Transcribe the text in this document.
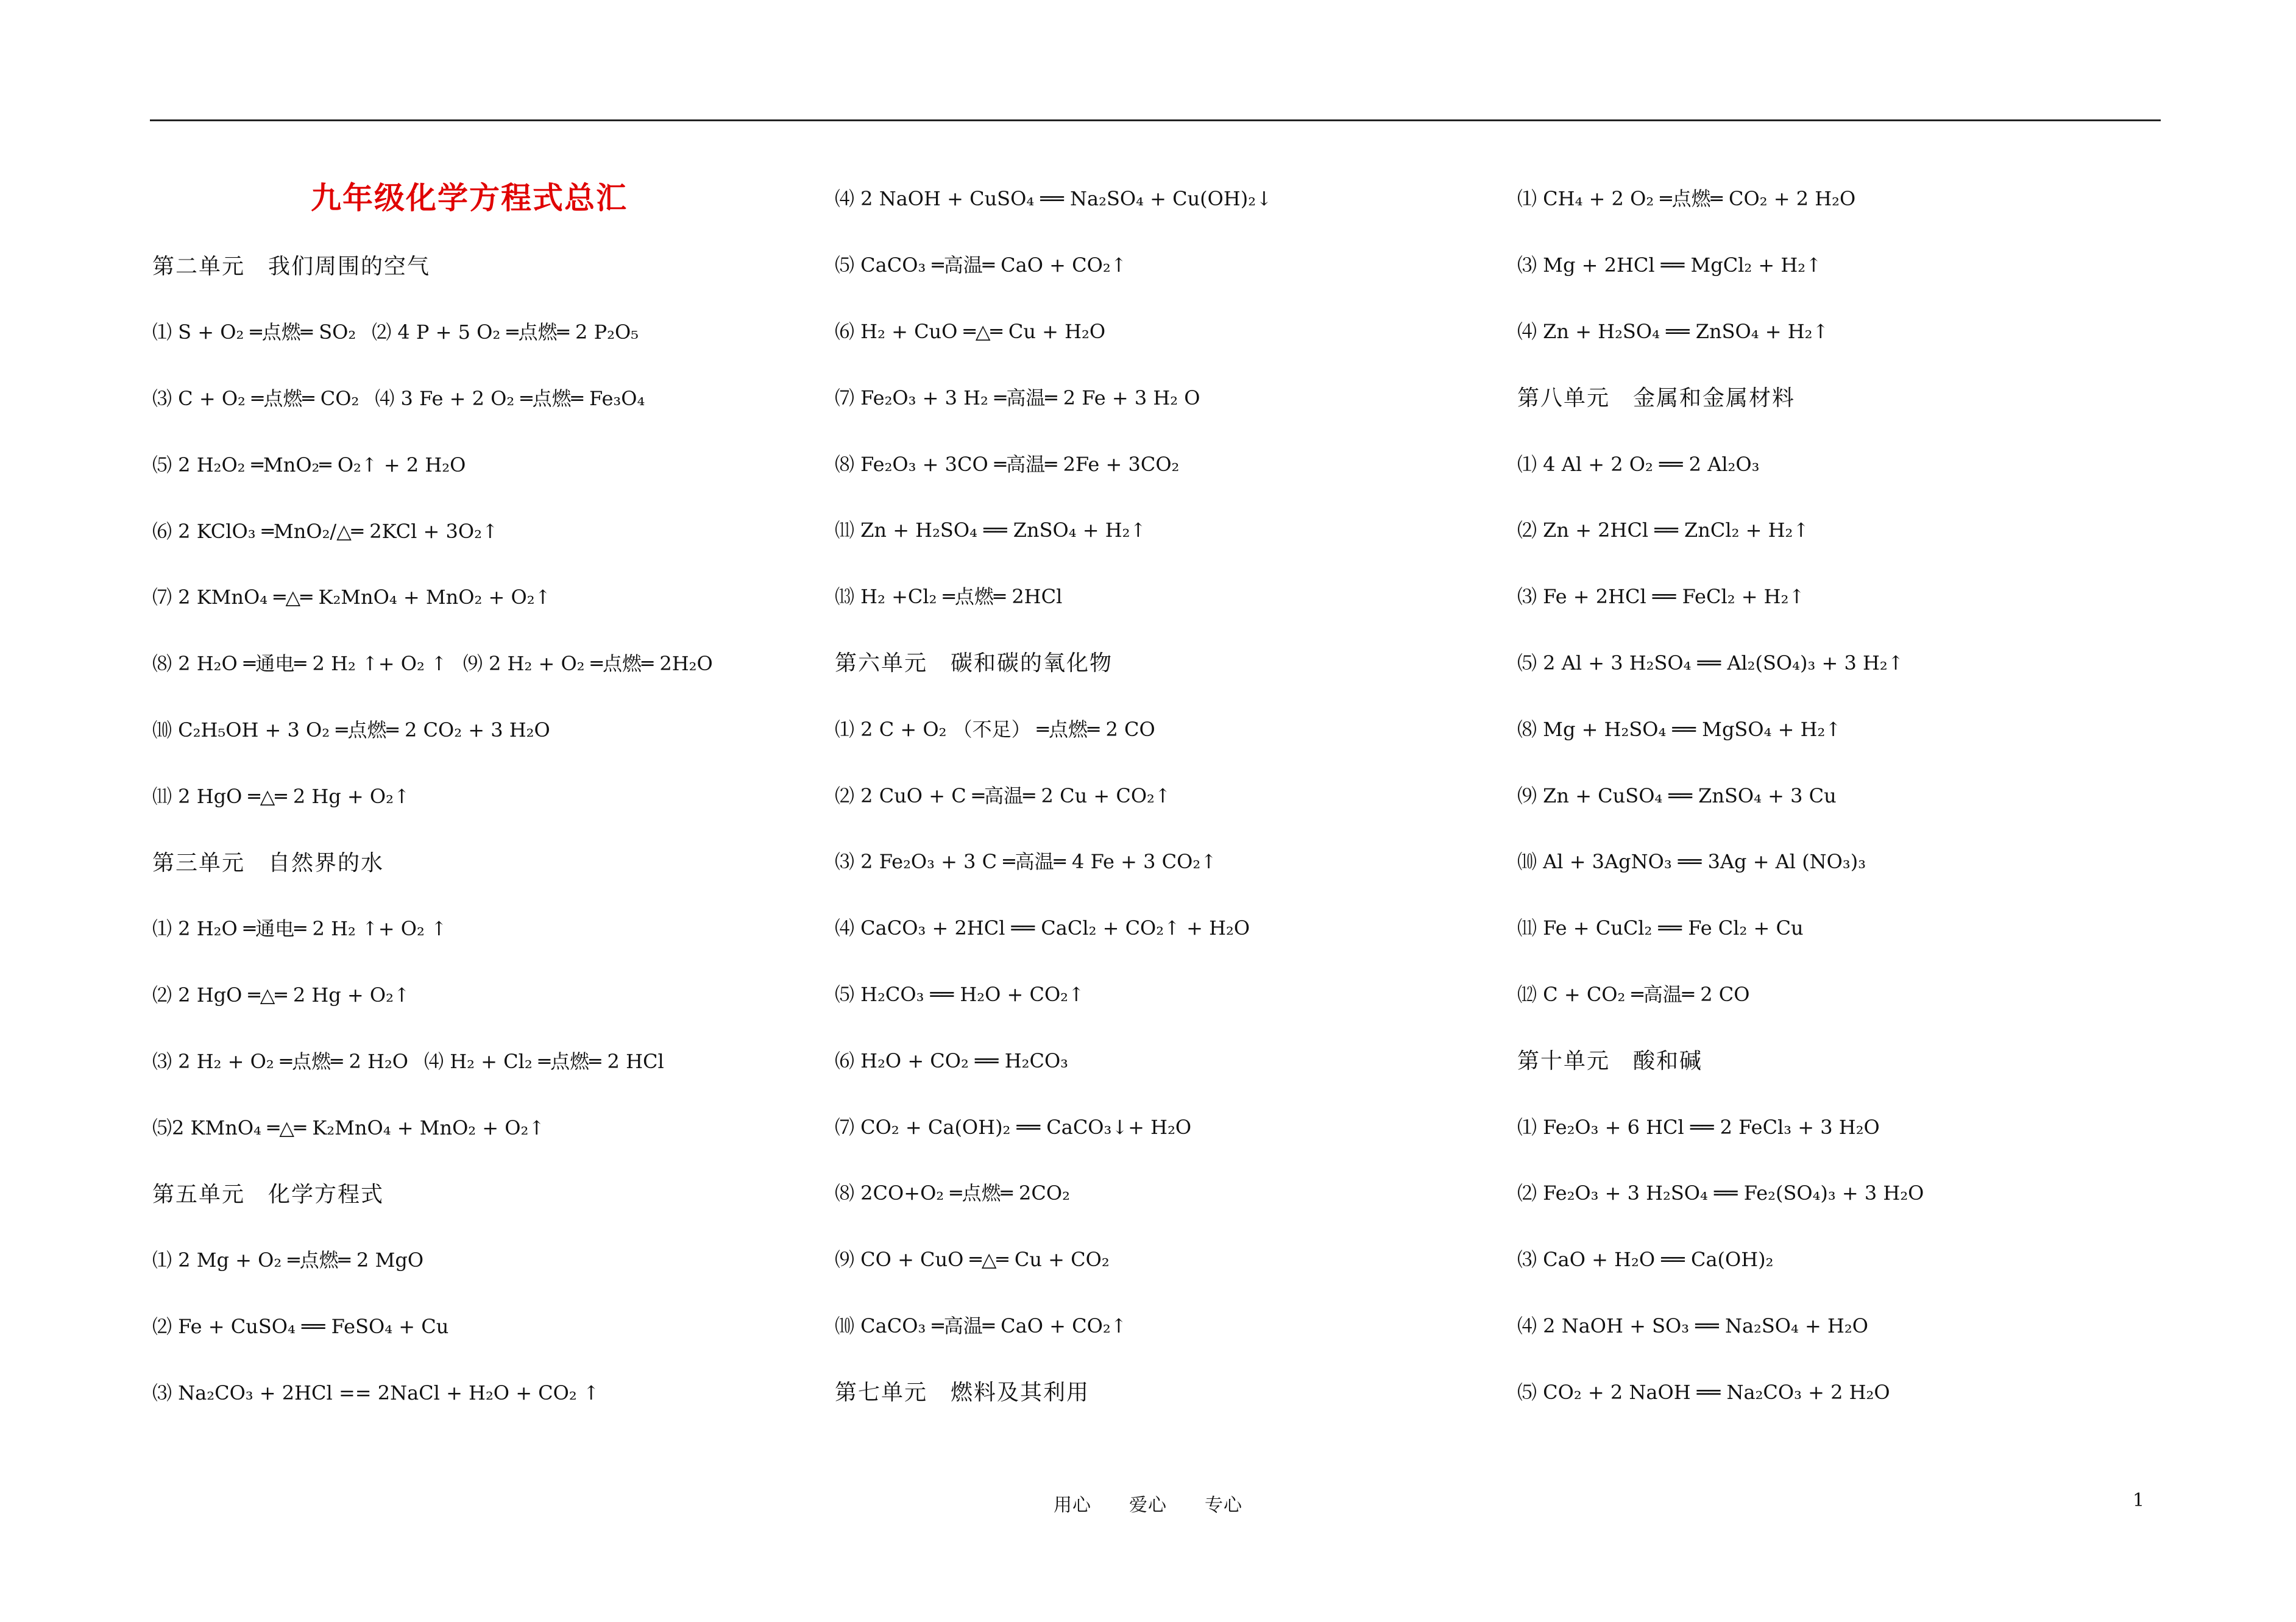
九年级化学方程式总汇
第二单元　我们周围的空气
⑴ S + O₂ ═点燃═ SO₂ ⑵ 4 P + 5 O₂ ═点燃═ 2 P₂O₅
⑶ C + O₂ ═点燃═ CO₂ ⑷ 3 Fe + 2 O₂ ═点燃═ Fe₃O₄
⑸ 2 H₂O₂ ═MnO₂═ O₂↑ + 2 H₂O
⑹ 2 KClO₃ ═MnO₂/△═ 2KCl + 3O₂↑
⑺ 2 KMnO₄ ═△═ K₂MnO₄ + MnO₂ + O₂↑
⑻ 2 H₂O ═通电═ 2 H₂ ↑+ O₂ ↑ ⑼ 2 H₂ + O₂ ═点燃═ 2H₂O
⑽ C₂H₅OH + 3 O₂ ═点燃═ 2 CO₂ + 3 H₂O
⑾ 2 HgO ═△═ 2 Hg + O₂↑
第三单元　自然界的水
⑴ 2 H₂O ═通电═ 2 H₂ ↑+ O₂ ↑
⑵ 2 HgO ═△═ 2 Hg + O₂↑
⑶ 2 H₂ + O₂ ═点燃═ 2 H₂O ⑷ H₂ + Cl₂ ═点燃═ 2 HCl
⑸2 KMnO₄ ═△═ K₂MnO₄ + MnO₂ + O₂↑
第五单元　化学方程式
⑴ 2 Mg + O₂ ═点燃═ 2 MgO
⑵ Fe + CuSO₄ ══ FeSO₄ + Cu
⑶ Na₂CO₃ + 2HCl == 2NaCl + H₂O + CO₂ ↑
⑷ 2 NaOH + CuSO₄ ══ Na₂SO₄ + Cu(OH)₂↓
⑸ CaCO₃ ═高温═ CaO + CO₂↑
⑹ H₂ + CuO ═△═ Cu + H₂O
⑺ Fe₂O₃ + 3 H₂ ═高温═ 2 Fe + 3 H₂ O
⑻ Fe₂O₃ + 3CO ═高温═ 2Fe + 3CO₂
⑾ Zn + H₂SO₄ ══ ZnSO₄ + H₂↑
⒀ H₂ +Cl₂ ═点燃═ 2HCl
第六单元　碳和碳的氧化物
⑴ 2 C + O₂ （不足） ═点燃═ 2 CO
⑵ 2 CuO + C ═高温═ 2 Cu + CO₂↑
⑶ 2 Fe₂O₃ + 3 C ═高温═ 4 Fe + 3 CO₂↑
⑷ CaCO₃ + 2HCl ══ CaCl₂ + CO₂↑ + H₂O
⑸ H₂CO₃ ══ H₂O + CO₂↑
⑹ H₂O + CO₂ ══ H₂CO₃
⑺ CO₂ + Ca(OH)₂ ══ CaCO₃↓+ H₂O
⑻ 2CO+O₂ ═点燃═ 2CO₂
⑼ CO + CuO ═△═ Cu + CO₂
⑽ CaCO₃ ═高温═ CaO + CO₂↑
第七单元　燃料及其利用
⑴ CH₄ + 2 O₂ ═点燃═ CO₂ + 2 H₂O
⑶ Mg + 2HCl ══ MgCl₂ + H₂↑
⑷ Zn + H₂SO₄ ══ ZnSO₄ + H₂↑
第八单元　金属和金属材料
⑴ 4 Al + 2 O₂ ══ 2 Al₂O₃
⑵ Zn + 2HCl ══ ZnCl₂ + H₂↑
⑶ Fe + 2HCl ══ FeCl₂ + H₂↑
⑸ 2 Al + 3 H₂SO₄ ══ Al₂(SO₄)₃ + 3 H₂↑
⑻ Mg + H₂SO₄ ══ MgSO₄ + H₂↑
⑼ Zn + CuSO₄ ══ ZnSO₄ + 3 Cu
⑽ Al + 3AgNO₃ ══ 3Ag + Al (NO₃)₃
⑾ Fe + CuCl₂ ══ Fe Cl₂ + Cu
⑿ C + CO₂ ═高温═ 2 CO
第十单元　酸和碱
⑴ Fe₂O₃ + 6 HCl ══ 2 FeCl₃ + 3 H₂O
⑵ Fe₂O₃ + 3 H₂SO₄ ══ Fe₂(SO₄)₃ + 3 H₂O
⑶ CaO + H₂O ══ Ca(OH)₂
⑷ 2 NaOH + SO₃ ══ Na₂SO₄ + H₂O
⑸ CO₂ + 2 NaOH ══ Na₂CO₃ + 2 H₂O
用心　　爱心　　专心	1
